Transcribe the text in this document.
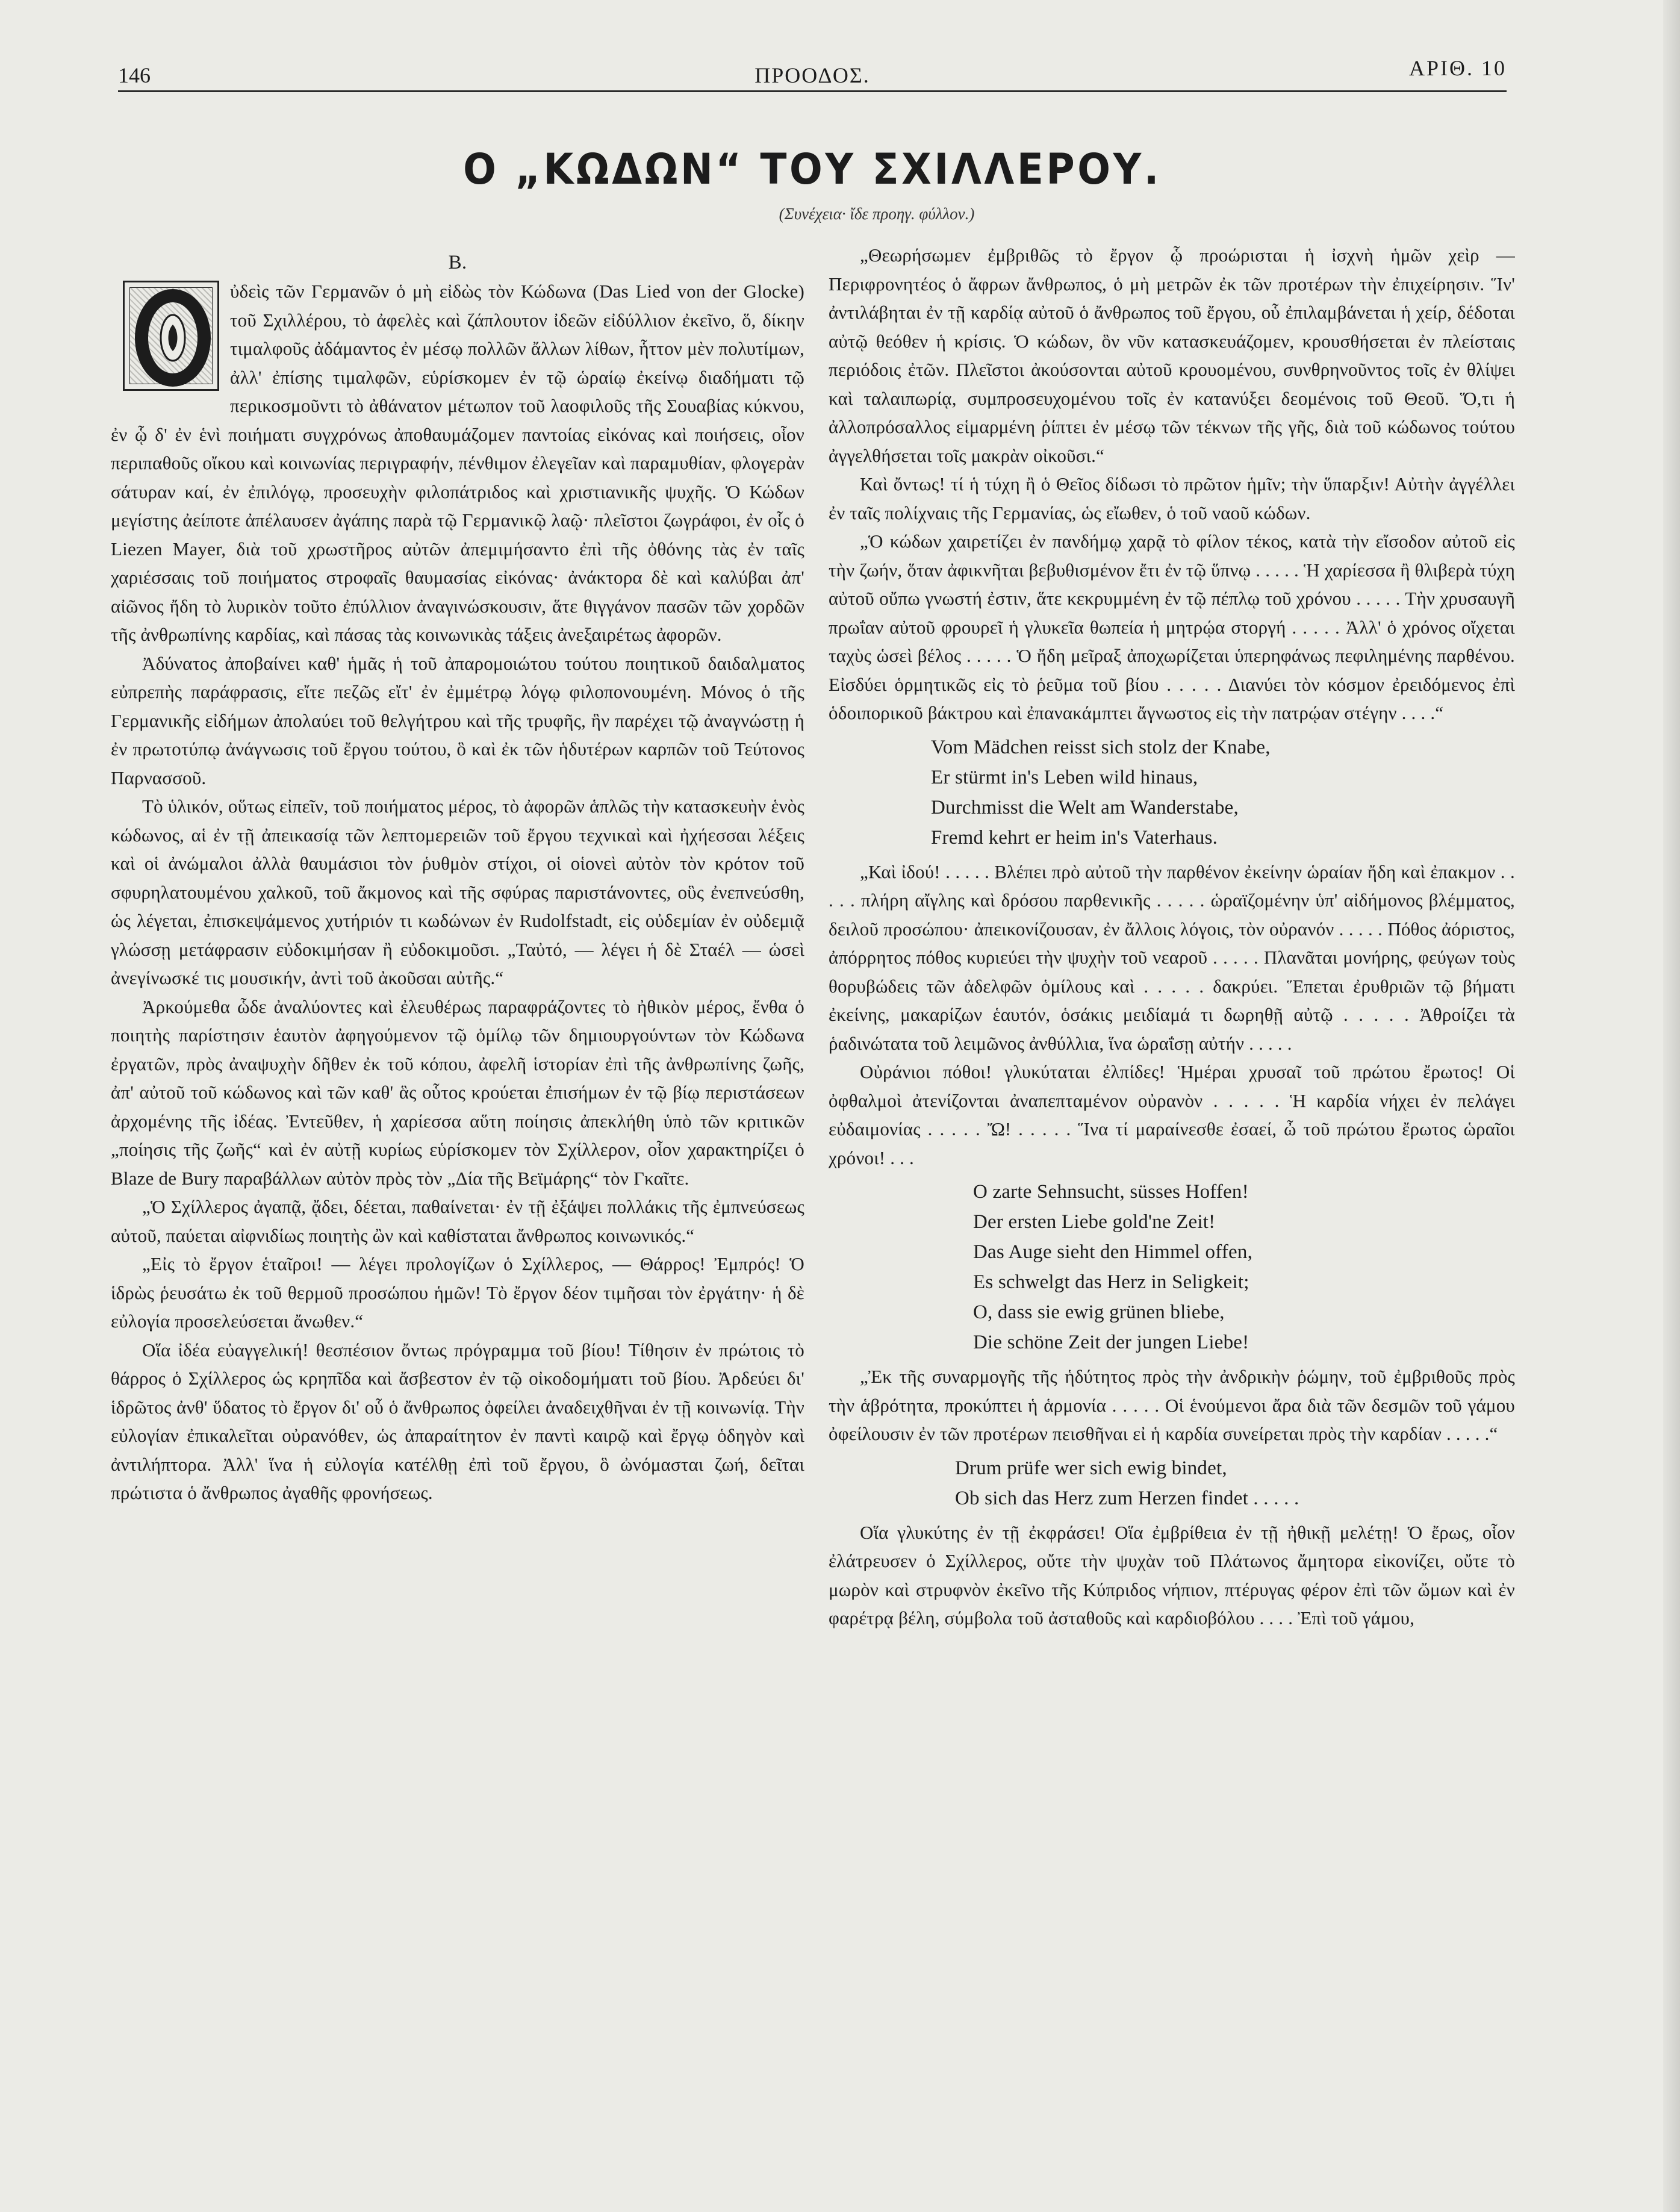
146	ΠΡΟΟΔΟΣ.	ΑΡΙΘ. 10
Ο „ΚΩΔΩΝ“ ΤΟΥ ΣΧΙΛΛΕΡΟΥ.
(Συνέχεια· ἴδε προηγ. φύλλον.)
Β.

ὐδεὶς τῶν Γερμανῶν ὁ μὴ εἰδὼς τὸν Κώδωνα (Das Lied von der Glocke) τοῦ Σχιλλέρου, τὸ ἀφελὲς καὶ ζάπλουτον ἰδεῶν εἰδύλλιον ἐκεῖνο, ὅ, δίκην τιμαλφοῦς ἀδάμαντος ἐν μέσῳ πολλῶν ἄλλων λίθων, ἧττον μὲν πολυτίμων, ἀλλ' ἐπίσης τιμαλφῶν, εὑρίσκομεν ἐν τῷ ὡραίῳ ἐκείνῳ διαδήματι τῷ περικοσμοῦντι τὸ ἀθάνατον μέτωπον τοῦ λαοφιλοῦς τῆς Σουαβίας κύκνου, ἐν ᾧ δ' ἐν ἑνὶ ποιήματι συγχρόνως ἀποθαυμάζομεν παντοίας εἰκόνας καὶ ποιήσεις, οἷον περιπαθοῦς οἴκου καὶ κοινωνίας περιγραφήν, πένθιμον ἐλεγεῖαν καὶ παραμυθίαν, φλογερὰν σάτυραν καί, ἐν ἐπιλόγῳ, προσευχὴν φιλοπάτριδος καὶ χριστιανικῆς ψυχῆς. Ὁ Κώδων μεγίστης ἀείποτε ἀπέλαυσεν ἀγάπης παρὰ τῷ Γερμανικῷ λαῷ· πλεῖστοι ζωγράφοι, ἐν οἷς ὁ Liezen Mayer, διὰ τοῦ χρωστῆρος αὐτῶν ἀπεμιμήσαντο ἐπὶ τῆς ὀθόνης τὰς ἐν ταῖς χαριέσσαις τοῦ ποιήματος στροφαῖς θαυμασίας εἰκόνας· ἀνάκτορα δὲ καὶ καλύβαι ἀπ' αἰῶνος ἤδη τὸ λυρικὸν τοῦτο ἐπύλλιον ἀναγινώσκουσιν, ἅτε θιγγάνον πασῶν τῶν χορδῶν τῆς ἀνθρωπίνης καρδίας, καὶ πάσας τὰς κοινωνικὰς τάξεις ἀνεξαιρέτως ἀφορῶν.

Ἀδύνατος ἀποβαίνει καθ' ἡμᾶς ἡ τοῦ ἀπαρομοιώτου τούτου ποιητικοῦ δαιδαλματος εὐπρεπὴς παράφρασις, εἴτε πεζῶς εἴτ' ἐν ἐμμέτρῳ λόγῳ φιλοπονουμένη. Μόνος ὁ τῆς Γερμανικῆς εἰδήμων ἀπολαύει τοῦ θελγήτρου καὶ τῆς τρυφῆς, ἣν παρέχει τῷ ἀναγνώστῃ ἡ ἐν πρωτοτύπῳ ἀνάγνωσις τοῦ ἔργου τούτου, ὃ καὶ ἐκ τῶν ἡδυτέρων καρπῶν τοῦ Τεύτονος Παρνασσοῦ.

Τὸ ὑλικόν, οὕτως εἰπεῖν, τοῦ ποιήματος μέρος, τὸ ἀφορῶν ἁπλῶς τὴν κατασκευὴν ἑνὸς κώδωνος, αἱ ἐν τῇ ἀπεικασίᾳ τῶν λεπτομερειῶν τοῦ ἔργου τεχνικαὶ καὶ ἠχήεσσαι λέξεις καὶ οἱ ἀνώμαλοι ἀλλὰ θαυμάσιοι τὸν ῥυθμὸν στίχοι, οἱ οἱονεὶ αὐτὸν τὸν κρότον τοῦ σφυρηλατουμένου χαλκοῦ, τοῦ ἄκμονος καὶ τῆς σφύρας παριστάνοντες, οὓς ἐνεπνεύσθη, ὡς λέγεται, ἐπισκεψάμενος χυτήριόν τι κωδώνων ἐν Rudolfstadt, εἰς οὐδεμίαν ἐν οὐδεμιᾷ γλώσσῃ μετάφρασιν εὐδοκιμήσαν ἢ εὐδοκιμοῦσι. „Ταὐτό, — λέγει ἡ δὲ Σταέλ — ὡσεὶ ἀνεγίνωσκέ τις μουσικήν, ἀντὶ τοῦ ἀκοῦσαι αὐτῆς.“

Ἀρκούμεθα ὧδε ἀναλύοντες καὶ ἐλευθέρως παραφράζοντες τὸ ἠθικὸν μέρος, ἔνθα ὁ ποιητὴς παρίστησιν ἑαυτὸν ἀφηγούμενον τῷ ὁμίλῳ τῶν δημιουργούντων τὸν Κώδωνα ἐργατῶν, πρὸς ἀναψυχὴν δῆθεν ἐκ τοῦ κόπου, ἀφελῆ ἱστορίαν ἐπὶ τῆς ἀνθρωπίνης ζωῆς, ἀπ' αὐτοῦ τοῦ κώδωνος καὶ τῶν καθ' ἃς οὗτος κρούεται ἐπισήμων ἐν τῷ βίῳ περιστάσεων ἀρχομένης τῆς ἰδέας. Ἐντεῦθεν, ἡ χαρίεσσα αὕτη ποίησις ἀπεκλήθη ὑπὸ τῶν κριτικῶν „ποίησις τῆς ζωῆς“ καὶ ἐν αὐτῇ κυρίως εὑρίσκομεν τὸν Σχίλλερον, οἷον χαρακτηρίζει ὁ Blaze de Bury παραβάλλων αὐτὸν πρὸς τὸν „Δία τῆς Βεϊμάρης“ τὸν Γκαῖτε.

„Ὁ Σχίλλερος ἀγαπᾷ, ᾄδει, δέεται, παθαίνεται· ἐν τῇ ἐξάψει πολλάκις τῆς ἐμπνεύσεως αὐτοῦ, παύεται αἰφνιδίως ποιητὴς ὢν καὶ καθίσταται ἄνθρωπος κοινωνικός.“

„Εἰς τὸ ἔργον ἑταῖροι! — λέγει προλογίζων ὁ Σχίλλερος, — Θάρρος! Ἐμπρός! Ὁ ἱδρὼς ῥευσάτω ἐκ τοῦ θερμοῦ προσώπου ἡμῶν! Τὸ ἔργον δέον τιμῆσαι τὸν ἐργάτην· ἡ δὲ εὐλογία προσελεύσεται ἄνωθεν.“

Οἵα ἰδέα εὐαγγελική! θεσπέσιον ὄντως πρόγραμμα τοῦ βίου! Τίθησιν ἐν πρώτοις τὸ θάρρος ὁ Σχίλλερος ὡς κρηπῖδα καὶ ἄσβεστον ἐν τῷ οἰκοδομήματι τοῦ βίου. Ἀρδεύει δι' ἱδρῶτος ἀνθ' ὕδατος τὸ ἔργον δι' οὗ ὁ ἄνθρωπος ὀφείλει ἀναδειχθῆναι ἐν τῇ κοινωνίᾳ. Τὴν εὐλογίαν ἐπικαλεῖται οὐρανόθεν, ὡς ἀπαραίτητον ἐν παντὶ καιρῷ καὶ ἔργῳ ὁδηγὸν καὶ ἀντιλήπτορα. Ἀλλ' ἵνα ἡ εὐλογία κατέλθῃ ἐπὶ τοῦ ἔργου, ὃ ὠνόμασται ζωή, δεῖται πρώτιστα ὁ ἄνθρωπος ἀγαθῆς φρονήσεως.

„Θεωρήσωμεν ἐμβριθῶς τὸ ἔργον ᾧ προώρισται ἡ ἰσχνὴ ἡμῶν χεὶρ — Περιφρονητέος ὁ ἄφρων ἄνθρωπος, ὁ μὴ μετρῶν ἐκ τῶν προτέρων τὴν ἐπιχείρησιν. Ἵν' ἀντιλάβηται ἐν τῇ καρδίᾳ αὐτοῦ ὁ ἄνθρωπος τοῦ ἔργου, οὗ ἐπιλαμβάνεται ἡ χείρ, δέδοται αὐτῷ θεόθεν ἡ κρίσις. Ὁ κώδων, ὃν νῦν κατασκευάζομεν, κρουσθήσεται ἐν πλείσταις περιόδοις ἐτῶν. Πλεῖστοι ἀκούσονται αὐτοῦ κρουομένου, συνθρηνοῦντος τοῖς ἐν θλίψει καὶ ταλαιπωρίᾳ, συμπροσευχομένου τοῖς ἐν κατανύξει δεομένοις τοῦ Θεοῦ. Ὅ,τι ἡ ἀλλοπρόσαλλος εἱμαρμένη ῥίπτει ἐν μέσῳ τῶν τέκνων τῆς γῆς, διὰ τοῦ κώδωνος τούτου ἀγγελθήσεται τοῖς μακρὰν οἰκοῦσι.“

Καὶ ὄντως! τί ἡ τύχη ἢ ὁ Θεῖος δίδωσι τὸ πρῶτον ἡμῖν; τὴν ὕπαρξιν! Αὐτὴν ἀγγέλλει ἐν ταῖς πολίχναις τῆς Γερμανίας, ὡς εἴωθεν, ὁ τοῦ ναοῦ κώδων.

„Ὁ κώδων χαιρετίζει ἐν πανδήμῳ χαρᾷ τὸ φίλον τέκος, κατὰ τὴν εἴσοδον αὐτοῦ εἰς τὴν ζωήν, ὅταν ἀφικνῆται βεβυθισμένον ἔτι ἐν τῷ ὕπνῳ . . . . . Ἡ χαρίεσσα ἢ θλιβερὰ τύχη αὐτοῦ οὔπω γνωστή ἐστιν, ἅτε κεκρυμμένη ἐν τῷ πέπλῳ τοῦ χρόνου . . . . . Τὴν χρυσαυγῆ πρωΐαν αὐτοῦ φρουρεῖ ἡ γλυκεῖα θωπεία ἡ μητρῴα στοργή . . . . . Ἀλλ' ὁ χρόνος οἴχεται ταχὺς ὡσεὶ βέλος . . . . . Ὁ ἤδη μεῖραξ ἀποχωρίζεται ὑπερηφάνως πεφιλημένης παρθένου. Εἰσδύει ὁρμητικῶς εἰς τὸ ῥεῦμα τοῦ βίου . . . . . Διανύει τὸν κόσμον ἐρειδόμενος ἐπὶ ὁδοιπορικοῦ βάκτρου καὶ ἐπανακάμπτει ἄγνωστος εἰς τὴν πατρῴαν στέγην . . . .“

Vom Mädchen reisst sich stolz der Knabe,
Er stürmt in's Leben wild hinaus,
Durchmisst die Welt am Wanderstabe,
Fremd kehrt er heim in's Vaterhaus.

„Καὶ ἰδού! . . . . . Βλέπει πρὸ αὐτοῦ τὴν παρθένον ἐκείνην ὡραίαν ἤδη καὶ ἐπακμον . . . . . πλήρη αἴγλης καὶ δρόσου παρθενικῆς . . . . . ὡραϊζομένην ὑπ' αἰδήμονος βλέμματος, δειλοῦ προσώπου· ἀπεικονίζουσαν, ἐν ἄλλοις λόγοις, τὸν οὐρανόν . . . . . Πόθος ἀόριστος, ἀπόρρητος πόθος κυριεύει τὴν ψυχὴν τοῦ νεαροῦ . . . . . Πλανᾶται μονήρης, φεύγων τοὺς θορυβώδεις τῶν ἀδελφῶν ὁμίλους καὶ . . . . . δακρύει. Ἕπεται ἐρυθριῶν τῷ βήματι ἐκείνης, μακαρίζων ἑαυτόν, ὁσάκις μειδίαμά τι δωρηθῇ αὐτῷ . . . . . Ἀθροίζει τὰ ῥαδινώτατα τοῦ λειμῶνος ἀνθύλλια, ἵνα ὡραΐσῃ αὐτήν . . . . .

Οὐράνιοι πόθοι! γλυκύταται ἐλπίδες! Ἡμέραι χρυσαῖ τοῦ πρώτου ἔρωτος! Οἱ ὀφθαλμοὶ ἀτενίζονται ἀναπεπταμένον οὐρανὸν . . . . . Ἡ καρδία νήχει ἐν πελάγει εὐδαιμονίας . . . . . Ὤ! . . . . . Ἵνα τί μαραίνεσθε ἐσαεί, ὦ τοῦ πρώτου ἔρωτος ὡραῖοι χρόνοι! . . .

O zarte Sehnsucht, süsses Hoffen!
Der ersten Liebe gold'ne Zeit!
Das Auge sieht den Himmel offen,
Es schwelgt das Herz in Seligkeit;
O, dass sie ewig grünen bliebe,
Die schöne Zeit der jungen Liebe!

„Ἐκ τῆς συναρμογῆς τῆς ἡδύτητος πρὸς τὴν ἀνδρικὴν ῥώμην, τοῦ ἐμβριθοῦς πρὸς τὴν ἁβρότητα, προκύπτει ἡ ἁρμονία . . . . . Οἱ ἑνούμενοι ἄρα διὰ τῶν δεσμῶν τοῦ γάμου ὀφείλουσιν ἐν τῶν προτέρων πεισθῆναι εἰ ἡ καρδία συνείρεται πρὸς τὴν καρδίαν . . . . .“

Drum prüfe wer sich ewig bindet,
Ob sich das Herz zum Herzen findet . . . . .

Οἵα γλυκύτης ἐν τῇ ἐκφράσει! Οἵα ἐμβρίθεια ἐν τῇ ἠθικῇ μελέτῃ! Ὁ ἔρως, οἷον ἐλάτρευσεν ὁ Σχίλλερος, οὔτε τὴν ψυχὰν τοῦ Πλάτωνος ἄμητορα εἰκονίζει, οὔτε τὸ μωρὸν καὶ στρυφνὸν ἐκεῖνο τῆς Κύπριδος νήπιον, πτέρυγας φέρον ἐπὶ τῶν ὤμων καὶ ἐν φαρέτρᾳ βέλη, σύμβολα τοῦ ἀσταθοῦς καὶ καρδιοβόλου . . . . Ἐπὶ τοῦ γάμου,
